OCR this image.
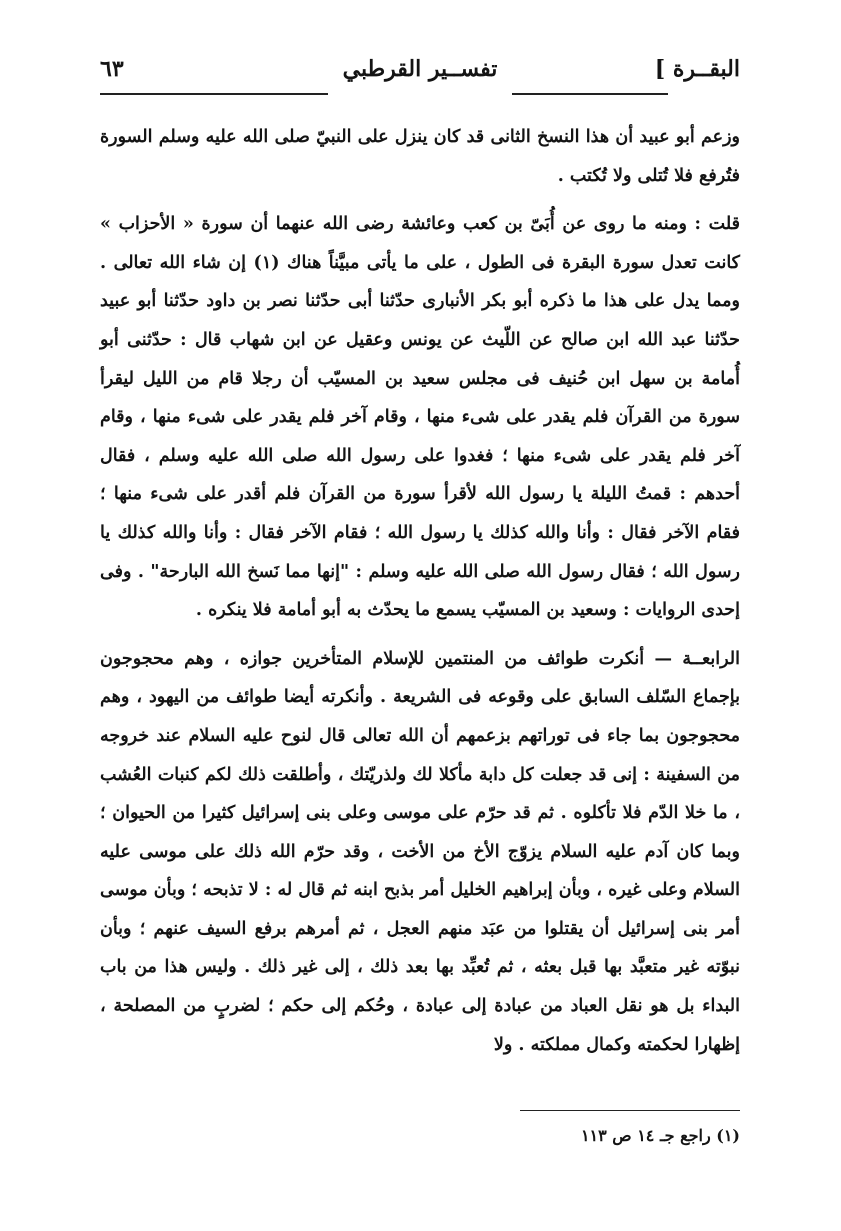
البقــرة ]
تفســير القرطبي
٦٣

وزعم أبو عبيد أن هذا النسخ الثانى قد كان ينزل على النبيّ صلى الله عليه وسلم السورة فتُرفع فلا تُتلى ولا تُكتب .

قلت : ومنه ما روى عن أُبَىّ بن كعب وعائشة رضى الله عنهما أن سورة « الأحزاب » كانت تعدل سورة البقرة فى الطول ، على ما يأتى مبيَّناً هناك (١) إن شاء الله تعالى . ومما يدل على هذا ما ذكره أبو بكر الأنبارى حدّثنا أبى حدّثنا نصر بن داود حدّثنا أبو عبيد حدّثنا عبد الله ابن صالح عن اللّيث عن يونس وعقيل عن ابن شهاب قال : حدّثنى أبو أُمامة بن سهل ابن حُنيف فى مجلس سعيد بن المسيّب أن رجلا قام من الليل ليقرأ سورة من القرآن فلم يقدر على شىء منها ، وقام آخر فلم يقدر على شىء منها ، وقام آخر فلم يقدر على شىء منها ؛ فغدوا على رسول الله صلى الله عليه وسلم ، فقال أحدهم : قمتُ الليلة يا رسول الله لأقرأ سورة من القرآن فلم أقدر على شىء منها ؛ فقام الآخر فقال : وأنا والله كذلك يا رسول الله ؛ فقام الآخر فقال : وأنا والله كذلك يا رسول الله ؛ فقال رسول الله صلى الله عليه وسلم : "إنها مما نَسخ الله البارحة" . وفى إحدى الروايات : وسعيد بن المسيّب يسمع ما يحدّث به أبو أمامة فلا ينكره .

الرابعــة — أنكرت طوائف من المنتمين للإسلام المتأخرين جوازه ، وهم محجوجون بإجماع السّلف السابق على وقوعه فى الشريعة . وأنكرته أيضا طوائف من اليهود ، وهم محجوجون بما جاء فى توراتهم بزعمهم أن الله تعالى قال لنوح عليه السلام عند خروجه من السفينة : إنى قد جعلت كل دابة مأكلا لك ولذريّتك ، وأطلقت ذلك لكم كنبات العُشب ، ما خلا الدّم فلا تأكلوه . ثم قد حرّم على موسى وعلى بنى إسرائيل كثيرا من الحيوان ؛ وبما كان آدم عليه السلام يزوّج الأخ من الأخت ، وقد حرّم الله ذلك على موسى عليه السلام وعلى غيره ، وبأن إبراهيم الخليل أمر بذبح ابنه ثم قال له : لا تذبحه ؛ وبأن موسى أمر بنى إسرائيل أن يقتلوا من عبَد منهم العجل ، ثم أمرهم برفع السيف عنهم ؛ وبأن نبوّته غير متعبَّد بها قبل بعثه ، ثم تُعبِّد بها بعد ذلك ، إلى غير ذلك . وليس هذا من باب البداء بل هو نقل العباد من عبادة إلى عبادة ، وحُكم إلى حكم ؛ لضربٍ من المصلحة ، إظهارا لحكمته وكمال مملكته . ولا

(١) راجع جـ ١٤ ص ١١٣
